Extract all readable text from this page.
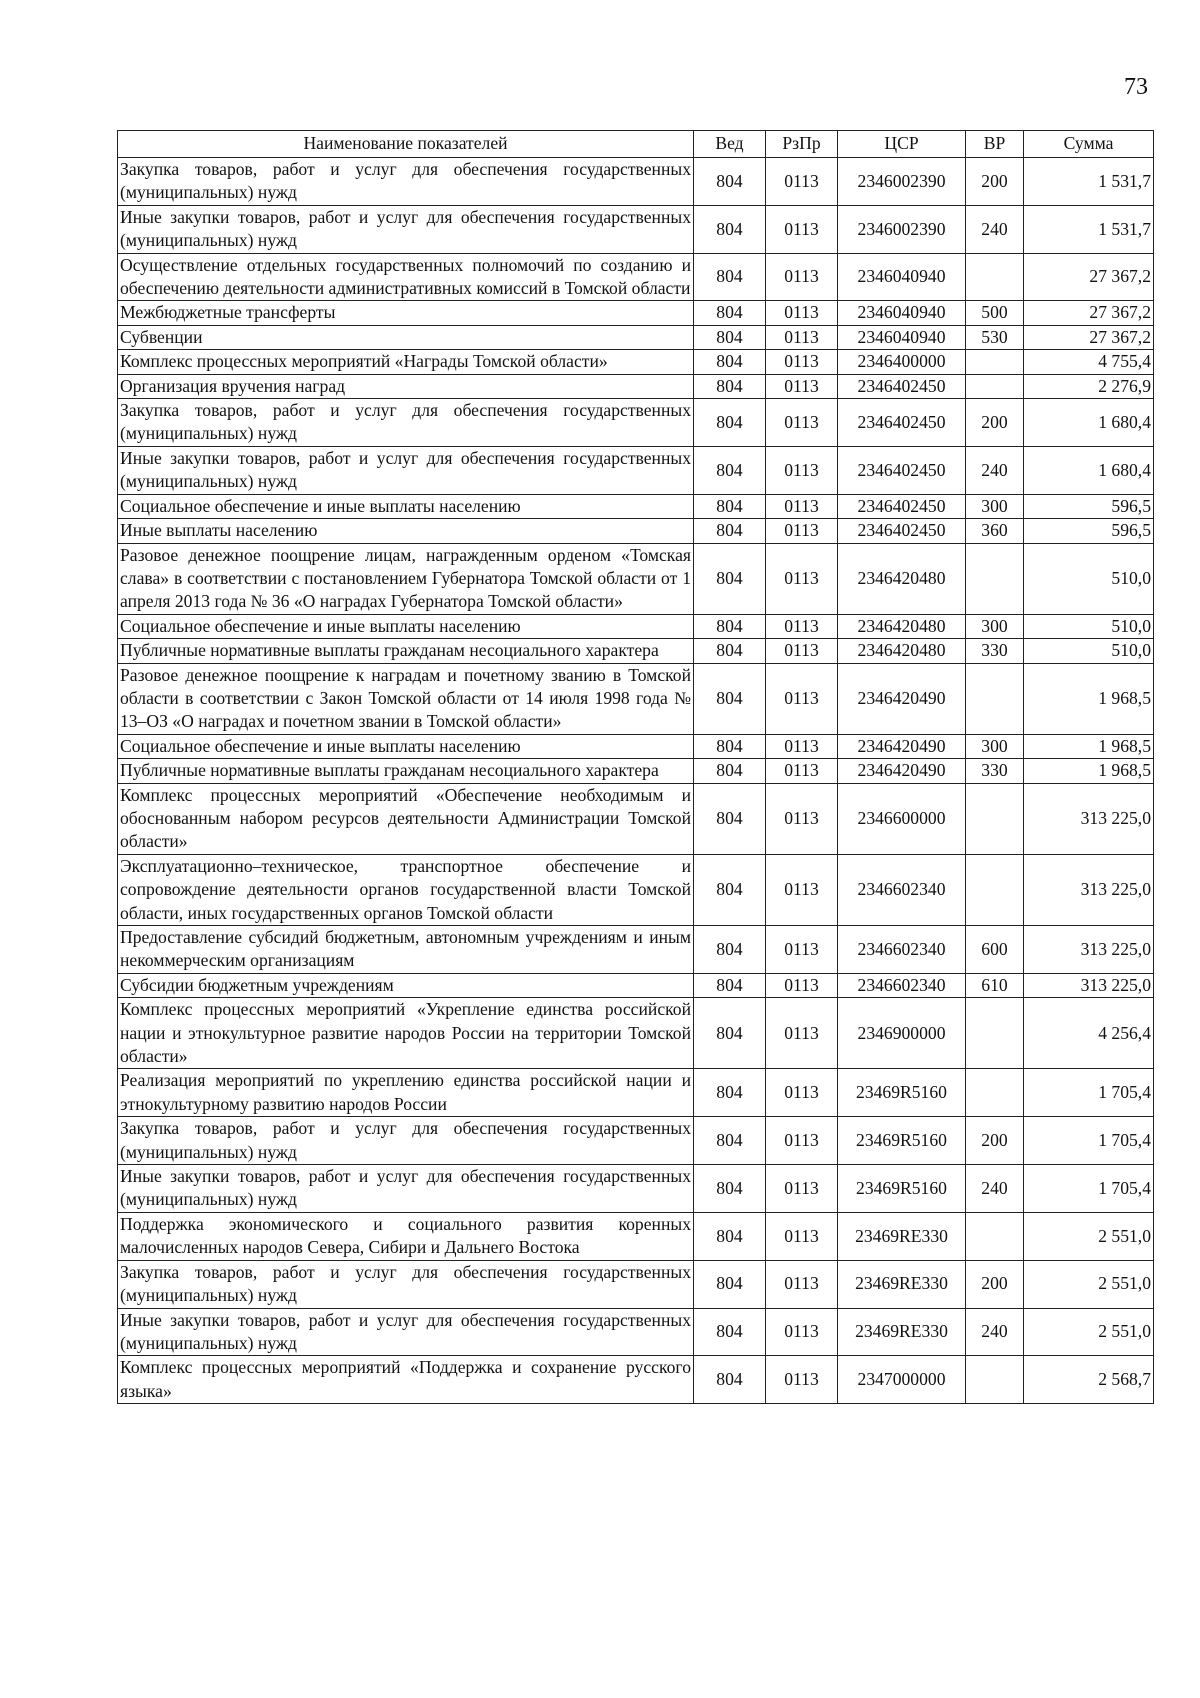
73
Наименование показателей	Вед	РзПр	ЦСР	ВР	Сумма
Закупка товаров, работ и услуг для обеспечения государственных (муниципальных) нужд	804	0113	2346002390	200	1 531,7
Иные закупки товаров, работ и услуг для обеспечения государственных (муниципальных) нужд	804	0113	2346002390	240	1 531,7
Осуществление отдельных государственных полномочий по созданию и обеспечению деятельности административных комиссий в Томской области	804	0113	2346040940		27 367,2
Межбюджетные трансферты	804	0113	2346040940	500	27 367,2
Субвенции	804	0113	2346040940	530	27 367,2
Комплекс процессных мероприятий «Награды Томской области»	804	0113	2346400000		4 755,4
Организация вручения наград	804	0113	2346402450		2 276,9
Закупка товаров, работ и услуг для обеспечения государственных (муниципальных) нужд	804	0113	2346402450	200	1 680,4
Иные закупки товаров, работ и услуг для обеспечения государственных (муниципальных) нужд	804	0113	2346402450	240	1 680,4
Социальное обеспечение и иные выплаты населению	804	0113	2346402450	300	596,5
Иные выплаты населению	804	0113	2346402450	360	596,5
Разовое денежное поощрение лицам, награжденным орденом «Томская слава» в соответствии с постановлением Губернатора Томской области от 1 апреля 2013 года № 36 «О наградах Губернатора Томской области»	804	0113	2346420480		510,0
Социальное обеспечение и иные выплаты населению	804	0113	2346420480	300	510,0
Публичные нормативные выплаты гражданам несоциального характера	804	0113	2346420480	330	510,0
Разовое денежное поощрение к наградам и почетному званию в Томской области в соответствии с Закон Томской области от 14 июля 1998 года № 13–ОЗ «О наградах и почетном звании в Томской области»	804	0113	2346420490		1 968,5
Социальное обеспечение и иные выплаты населению	804	0113	2346420490	300	1 968,5
Публичные нормативные выплаты гражданам несоциального характера	804	0113	2346420490	330	1 968,5
Комплекс процессных мероприятий «Обеспечение необходимым и обоснованным набором ресурсов деятельности Администрации Томской области»	804	0113	2346600000		313 225,0
Эксплуатационно–техническое, транспортное обеспечение и сопровождение деятельности органов государственной власти Томской области, иных государственных органов Томской области	804	0113	2346602340		313 225,0
Предоставление субсидий бюджетным, автономным учреждениям и иным некоммерческим организациям	804	0113	2346602340	600	313 225,0
Субсидии бюджетным учреждениям	804	0113	2346602340	610	313 225,0
Комплекс процессных мероприятий «Укрепление единства российской нации и этнокультурное развитие народов России на территории Томской области»	804	0113	2346900000		4 256,4
Реализация мероприятий по укреплению единства российской нации и этнокультурному развитию народов России	804	0113	23469R5160		1 705,4
Закупка товаров, работ и услуг для обеспечения государственных (муниципальных) нужд	804	0113	23469R5160	200	1 705,4
Иные закупки товаров, работ и услуг для обеспечения государственных (муниципальных) нужд	804	0113	23469R5160	240	1 705,4
Поддержка экономического и социального развития коренных малочисленных народов Севера, Сибири и Дальнего Востока	804	0113	23469RE330		2 551,0
Закупка товаров, работ и услуг для обеспечения государственных (муниципальных) нужд	804	0113	23469RE330	200	2 551,0
Иные закупки товаров, работ и услуг для обеспечения государственных (муниципальных) нужд	804	0113	23469RE330	240	2 551,0
Комплекс процессных мероприятий «Поддержка и сохранение русского языка»	804	0113	2347000000		2 568,7
